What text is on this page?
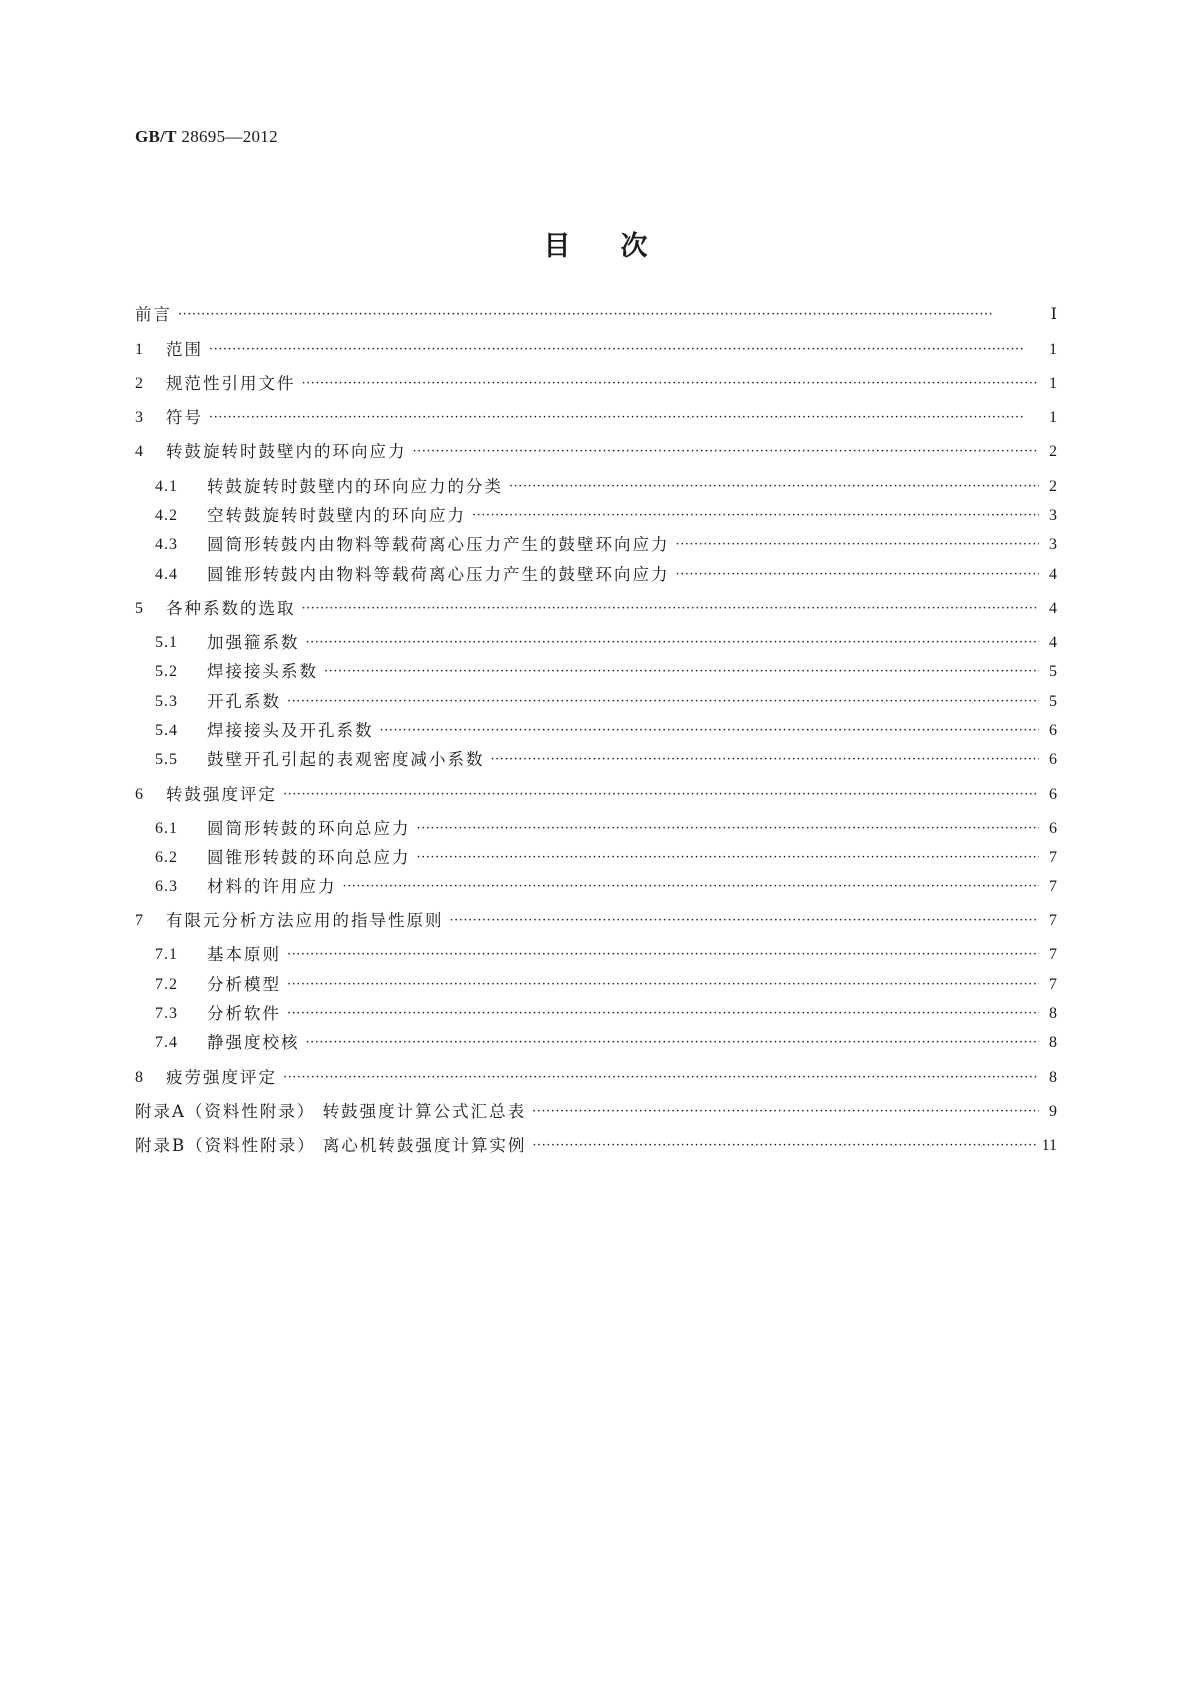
GB/T 28695—2012
目次
前言 ·····	Ⅰ
1	范围 ·····	1
2	规范性引用文件 ·····	1
3	符号 ·····	1
4	转鼓旋转时鼓壁内的环向应力 ·····	2
4.1	转鼓旋转时鼓壁内的环向应力的分类 ·····	2
4.2	空转鼓旋转时鼓壁内的环向应力 ·····	3
4.3	圆筒形转鼓内由物料等载荷离心压力产生的鼓壁环向应力 ·····	3
4.4	圆锥形转鼓内由物料等载荷离心压力产生的鼓壁环向应力 ·····	4
5	各种系数的选取 ·····	4
5.1	加强箍系数 ·····	4
5.2	焊接接头系数 ·····	5
5.3	开孔系数 ·····	5
5.4	焊接接头及开孔系数 ·····	6
5.5	鼓壁开孔引起的表观密度减小系数 ·····	6
6	转鼓强度评定 ·····	6
6.1	圆筒形转鼓的环向总应力 ·····	6
6.2	圆锥形转鼓的环向总应力 ·····	7
6.3	材料的许用应力 ·····	7
7	有限元分析方法应用的指导性原则 ·····	7
7.1	基本原则 ·····	7
7.2	分析模型 ·····	7
7.3	分析软件 ·····	8
7.4	静强度校核 ·····	8
8	疲劳强度评定 ·····	8
附录A（资料性附录） 转鼓强度计算公式汇总表 ·····	9
附录B（资料性附录） 离心机转鼓强度计算实例 ·····	11
